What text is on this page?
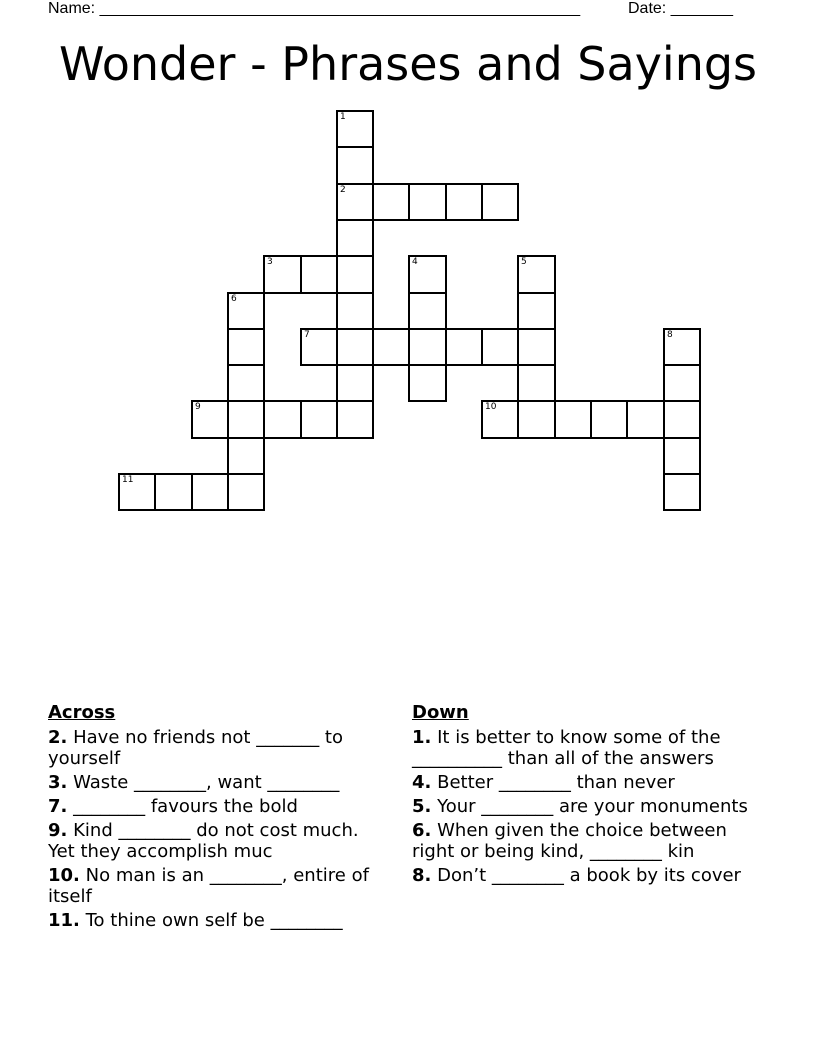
Name: ______________________________________________________	Date: _______
Wonder - Phrases and Sayings
1
2
3	4	5
6
7	8
9	10
11
Across
2. Have no friends not _______ to yourself
3. Waste ________, want ________
7. ________ favours the bold
9. Kind ________ do not cost much. Yet they accomplish muc
10. No man is an ________, entire of itself
11. To thine own self be ________
Down
1. It is better to know some of the __________ than all of the answers
4. Better ________ than never
5. Your ________ are your monuments
6. When given the choice between right or being kind, ________ kin
8. Don’t ________ a book by its cover
